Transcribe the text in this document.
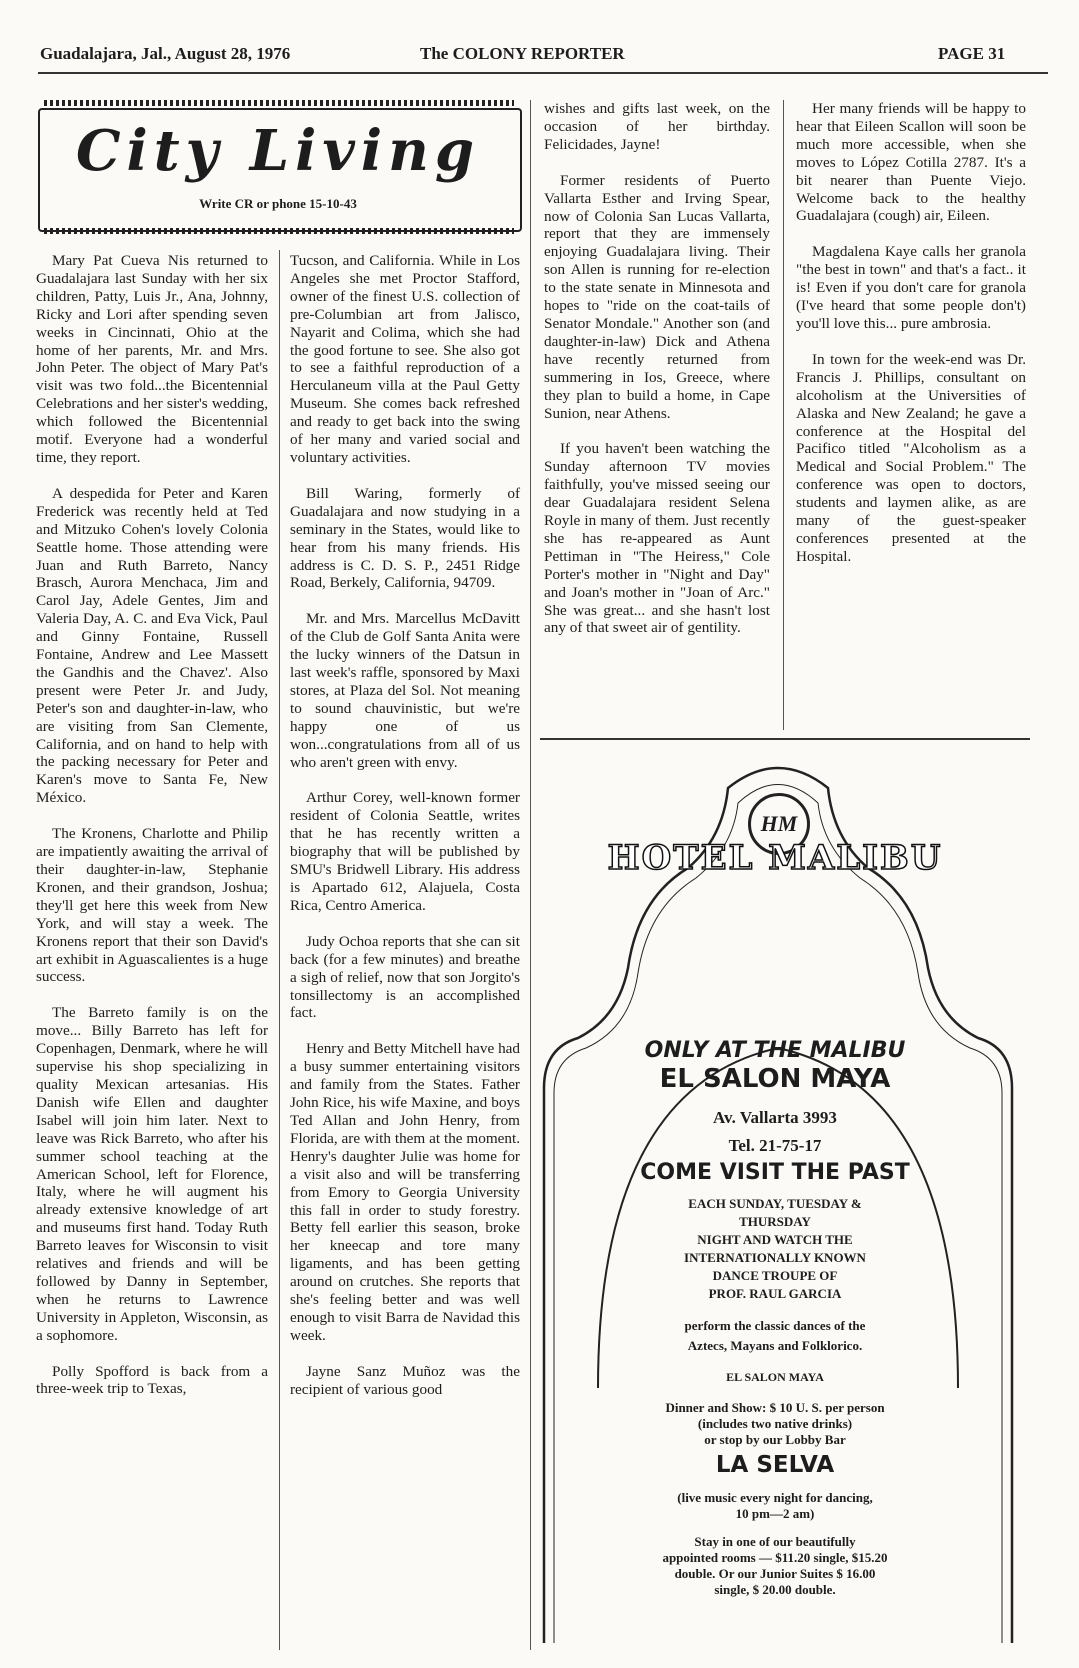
Guadalajara, Jal., August 28, 1976	The COLONY REPORTER	PAGE 31
City Living
Write CR or phone 15-10-43

Mary Pat Cueva Nis returned to Guadalajara last Sunday with her six children, Patty, Luis Jr., Ana, Johnny, Ricky and Lori after spending seven weeks in Cincinnati, Ohio at the home of her parents, Mr. and Mrs. John Peter. The object of Mary Pat's visit was two fold...the Bicentennial Celebrations and her sister's wedding, which followed the Bicentennial motif. Everyone had a wonderful time, they report.

A despedida for Peter and Karen Frederick was recently held at Ted and Mitzuko Cohen's lovely Colonia Seattle home. Those attending were Juan and Ruth Barreto, Nancy Brasch, Aurora Menchaca, Jim and Carol Jay, Adele Gentes, Jim and Valeria Day, A. C. and Eva Vick, Paul and Ginny Fontaine, Russell Fontaine, Andrew and Lee Massett the Gandhis and the Chavez'. Also present were Peter Jr. and Judy, Peter's son and daughter-in-law, who are visiting from San Clemente, California, and on hand to help with the packing necessary for Peter and Karen's move to Santa Fe, New México.

The Kronens, Charlotte and Philip are impatiently awaiting the arrival of their daughter-in-law, Stephanie Kronen, and their grandson, Joshua; they'll get here this week from New York, and will stay a week. The Kronens report that their son David's art exhibit in Aguascalientes is a huge success.

The Barreto family is on the move... Billy Barreto has left for Copenhagen, Denmark, where he will supervise his shop specializing in quality Mexican artesanias. His Danish wife Ellen and daughter Isabel will join him later. Next to leave was Rick Barreto, who after his summer school teaching at the American School, left for Florence, Italy, where he will augment his already extensive knowledge of art and museums first hand. Today Ruth Barreto leaves for Wisconsin to visit relatives and friends and will be followed by Danny in September, when he returns to Lawrence University in Appleton, Wisconsin, as a sophomore.

Polly Spofford is back from a three-week trip to Texas,

Tucson, and California. While in Los Angeles she met Proctor Stafford, owner of the finest U.S. collection of pre-Columbian art from Jalisco, Nayarit and Colima, which she had the good fortune to see. She also got to see a faithful reproduction of a Herculaneum villa at the Paul Getty Museum. She comes back refreshed and ready to get back into the swing of her many and varied social and voluntary activities.

Bill Waring, formerly of Guadalajara and now studying in a seminary in the States, would like to hear from his many friends. His address is C. D. S. P., 2451 Ridge Road, Berkely, California, 94709.

Mr. and Mrs. Marcellus McDavitt of the Club de Golf Santa Anita were the lucky winners of the Datsun in last week's raffle, sponsored by Maxi stores, at Plaza del Sol. Not meaning to sound chauvinistic, but we're happy one of us won...congratulations from all of us who aren't green with envy.

Arthur Corey, well-known former resident of Colonia Seattle, writes that he has recently written a biography that will be published by SMU's Bridwell Library. His address is Apartado 612, Alajuela, Costa Rica, Centro America.

Judy Ochoa reports that she can sit back (for a few minutes) and breathe a sigh of relief, now that son Jorgito's tonsillectomy is an accomplished fact.

Henry and Betty Mitchell have had a busy summer entertaining visitors and family from the States. Father John Rice, his wife Maxine, and boys Ted Allan and John Henry, from Florida, are with them at the moment. Henry's daughter Julie was home for a visit also and will be transferring from Emory to Georgia University this fall in order to study forestry. Betty fell earlier this season, broke her kneecap and tore many ligaments, and has been getting around on crutches. She reports that she's feeling better and was well enough to visit Barra de Navidad this week.

Jayne Sanz Muñoz was the recipient of various good

wishes and gifts last week, on the occasion of her birthday. Felicidades, Jayne!

Former residents of Puerto Vallarta Esther and Irving Spear, now of Colonia San Lucas Vallarta, report that they are immensely enjoying Guadalajara living. Their son Allen is running for re-election to the state senate in Minnesota and hopes to "ride on the coat-tails of Senator Mondale." Another son (and daughter-in-law) Dick and Athena have recently returned from summering in Ios, Greece, where they plan to build a home, in Cape Sunion, near Athens.

If you haven't been watching the Sunday afternoon TV movies faithfully, you've missed seeing our dear Guadalajara resident Selena Royle in many of them. Just recently she has re-appeared as Aunt Pettiman in "The Heiress," Cole Porter's mother in "Night and Day" and Joan's mother in "Joan of Arc." She was great... and she hasn't lost any of that sweet air of gentility.

Her many friends will be happy to hear that Eileen Scallon will soon be much more accessible, when she moves to López Cotilla 2787. It's a bit nearer than Puente Viejo. Welcome back to the healthy Guadalajara (cough) air, Eileen.

Magdalena Kaye calls her granola "the best in town" and that's a fact.. it is! Even if you don't care for granola (I've heard that some people don't) you'll love this... pure ambrosia.

In town for the week-end was Dr. Francis J. Phillips, consultant on alcoholism at the Universities of Alaska and New Zealand; he gave a conference at the Hospital del Pacifico titled "Alcoholism as a Medical and Social Problem." The conference was open to doctors, students and laymen alike, as are many of the guest-speaker conferences presented at the Hospital.

HM
HOTEL MALIBU
ONLY AT THE MALIBU
EL SALON MAYA
Av. Vallarta 3993
Tel. 21-75-17
COME VISIT THE PAST
EACH SUNDAY, TUESDAY &
THURSDAY
NIGHT AND WATCH THE
INTERNATIONALLY KNOWN
DANCE TROUPE OF
PROF. RAUL GARCIA
perform the classic dances of the
Aztecs, Mayans and Folklorico.
EL SALON MAYA
Dinner and Show: $ 10 U. S. per person
(includes two native drinks)
or stop by our Lobby Bar
LA SELVA
(live music every night for dancing,
10 pm—2 am)
Stay in one of our beautifully
appointed rooms — $11.20 single, $15.20
double. Or our Junior Suites $ 16.00
single, $ 20.00 double.
